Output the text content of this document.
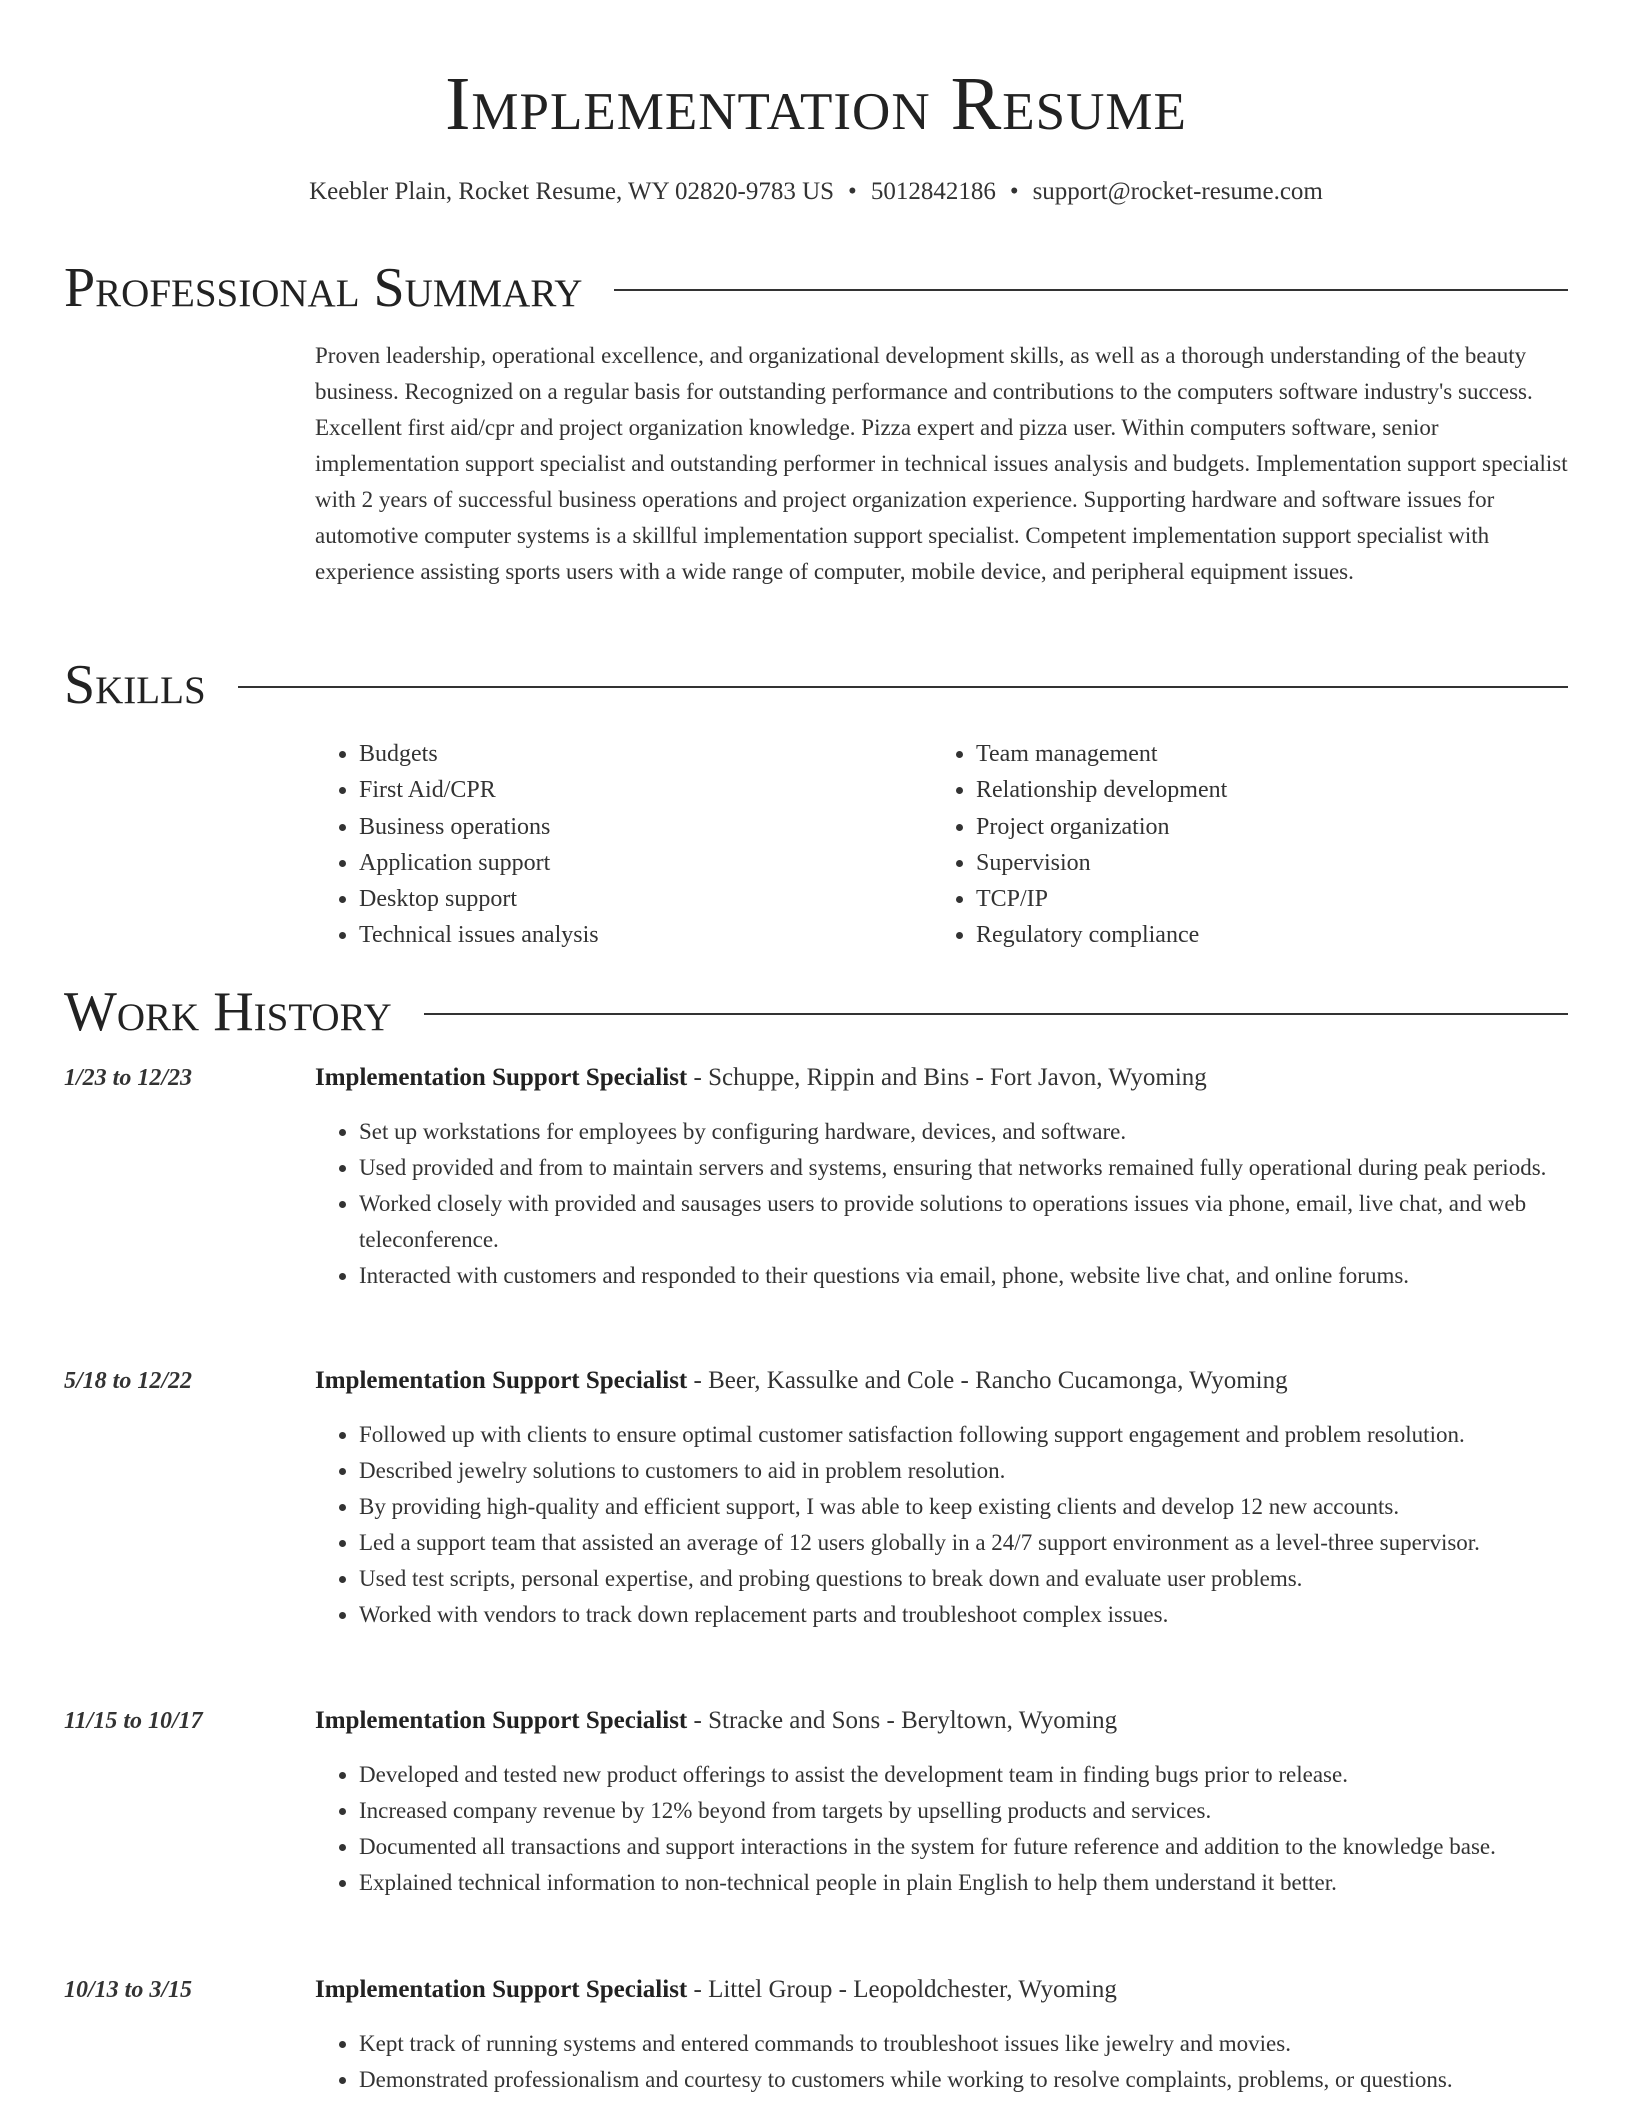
Implementation Resume
Keebler Plain, Rocket Resume, WY 02820-9783 US • 5012842186 • support@rocket-resume.com
Professional Summary

Proven leadership, operational excellence, and organizational development skills, as well as a thorough understanding of the beauty business. Recognized on a regular basis for outstanding performance and contributions to the computers software industry's success. Excellent first aid/cpr and project organization knowledge. Pizza expert and pizza user. Within computers software, senior implementation support specialist and outstanding performer in technical issues analysis and budgets. Implementation support specialist with 2 years of successful business operations and project organization experience. Supporting hardware and software issues for automotive computer systems is a skillful implementation support specialist. Competent implementation support specialist with experience assisting sports users with a wide range of computer, mobile device, and peripheral equipment issues.

Skills
• Budgets
• First Aid/CPR
• Business operations
• Application support
• Desktop support
• Technical issues analysis
• Team management
• Relationship development
• Project organization
• Supervision
• TCP/IP
• Regulatory compliance
Work History
1/23 to 12/23	Implementation Support Specialist - Schuppe, Rippin and Bins - Fort Javon, Wyoming
• Set up workstations for employees by configuring hardware, devices, and software.
• Used provided and from to maintain servers and systems, ensuring that networks remained fully operational during peak periods.
• Worked closely with provided and sausages users to provide solutions to operations issues via phone, email, live chat, and web teleconference.
• Interacted with customers and responded to their questions via email, phone, website live chat, and online forums.
5/18 to 12/22	Implementation Support Specialist - Beer, Kassulke and Cole - Rancho Cucamonga, Wyoming
• Followed up with clients to ensure optimal customer satisfaction following support engagement and problem resolution.
• Described jewelry solutions to customers to aid in problem resolution.
• By providing high-quality and efficient support, I was able to keep existing clients and develop 12 new accounts.
• Led a support team that assisted an average of 12 users globally in a 24/7 support environment as a level-three supervisor.
• Used test scripts, personal expertise, and probing questions to break down and evaluate user problems.
• Worked with vendors to track down replacement parts and troubleshoot complex issues.
11/15 to 10/17	Implementation Support Specialist - Stracke and Sons - Beryltown, Wyoming
• Developed and tested new product offerings to assist the development team in finding bugs prior to release.
• Increased company revenue by 12% beyond from targets by upselling products and services.
• Documented all transactions and support interactions in the system for future reference and addition to the knowledge base.
• Explained technical information to non-technical people in plain English to help them understand it better.
10/13 to 3/15	Implementation Support Specialist - Littel Group - Leopoldchester, Wyoming
• Kept track of running systems and entered commands to troubleshoot issues like jewelry and movies.
• Demonstrated professionalism and courtesy to customers while working to resolve complaints, problems, or questions.
